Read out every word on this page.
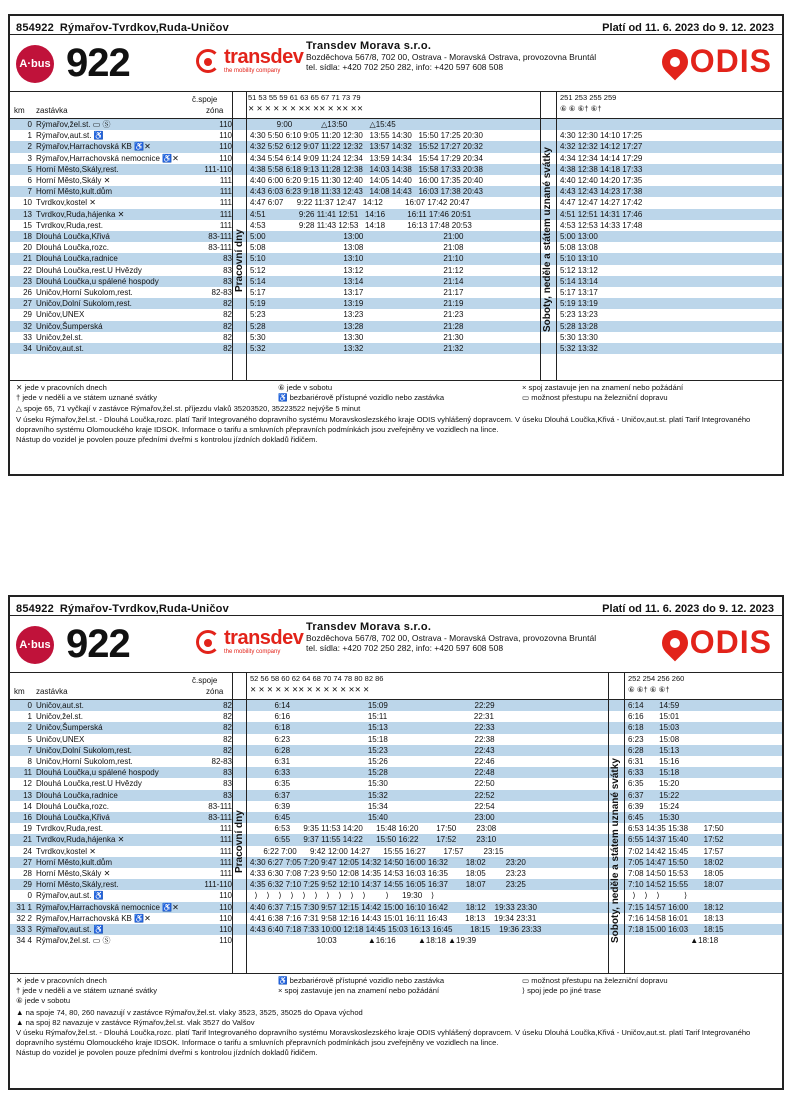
854922 Rýmařov-Tvrdkov,Ruda-Uničov	Platí od 11. 6. 2023 do 9. 12. 2023
A·bus 922	transdev
the mobility company
Transdev Morava s.r.o.
Bozděchova 567/8, 702 00, Ostrava - Moravská Ostrava, provozovna Bruntál
tel. sídla: +420 702 250 282, info: +420 597 608 508	ODIS
km zastávka
č.spoje
zóna
51 53 55 59 61 63 65 67 71 73 79
✕ ✕ ✕ ✕ ✕ ✕ ✕✕ ✕✕ ✕ ✕✕ ✕✕
251 253 255 259
⑥ ⑥ ⑥† ⑥†
0 Rýmařov,žel.st. ▭ Ⓢ	110 9:00             △13:50          △15:45
1 Rýmařov,aut.st. ♿	110 4:30 5:50 6:10 9:05 11:20 12:30   13:55 14:30   15:50 17:25 20:30	4:30 12:30 14:10 17:25
2 Rýmařov,Harrachovská KB ♿✕	110 4:32 5:52 6:12 9:07 11:22 12:32   13:57 14:32   15:52 17:27 20:32	4:32 12:32 14:12 17:27
3 Rýmařov,Harrachovská nemocnice ♿✕	110 4:34 5:54 6:14 9:09 11:24 12:34   13:59 14:34   15:54 17:29 20:34	4:34 12:34 14:14 17:29
5 Horní Město,Skály,rest.	111-110 4:38 5:58 6:18 9:13 11:28 12:38   14:03 14:38   15:58 17:33 20:38	4:38 12:38 14:18 17:33
6 Horní Město,Skály ✕	111 4:40 6:00 6:20 9:15 11:30 12:40   14:05 14:40   16:00 17:35 20:40	4:40 12:40 14:20 17:35
7 Horní Město,kult.dům	111 4:43 6:03 6:23 9:18 11:33 12:43   14:08 14:43   16:03 17:38 20:43	4:43 12:43 14:23 17:38
10 Tvrdkov,kostel ✕	111 4:47 6:07      9:22 11:37 12:47   14:12          16:07 17:42 20:47	4:47 12:47 14:27 17:42
13 Tvrdkov,Ruda,hájenka ✕	111 4:51               9:26 11:41 12:51   14:16          16:11 17:46 20:51	4:51 12:51 14:31 17:46
15 Tvrdkov,Ruda,rest.	111 4:53               9:28 11:43 12:53   14:18          16:13 17:48 20:53	4:53 12:53 14:33 17:48
18 Dlouhá Loučka,Křivá	83-111 5:00                                   13:00                                    21:00	5:00 13:00
20 Dlouhá Loučka,rozc.	83-111 5:08                                   13:08                                    21:08	5:08 13:08
21 Dlouhá Loučka,radnice	83 5:10                                   13:10                                    21:10	5:10 13:10
22 Dlouhá Loučka,rest.U Hvězdy	83 5:12                                   13:12                                    21:12	5:12 13:12
23 Dlouhá Loučka,u spálené hospody	83 5:14                                   13:14                                    21:14	5:14 13:14
26 Uničov,Horní Sukolom,rest.	82-83 5:17                                   13:17                                    21:17	5:17 13:17
27 Uničov,Dolní Sukolom,rest.	82 5:19                                   13:19                                    21:19	5:19 13:19
29 Uničov,UNEX	82 5:23                                   13:23                                    21:23	5:23 13:23
32 Uničov,Šumperská	82 5:28                                   13:28                                    21:28	5:28 13:28
33 Uničov,žel.st.	82 5:30                                   13:30                                    21:30	5:30 13:30
34 Uničov,aut.st.	82 5:32                                   13:32                                    21:32	5:32 13:32
Pracovní dny	Soboty, neděle a státem uznané svátky

✕ jede v pracovních dnech

† jede v neděli a ve státem uznané svátky

⑥ jede v sobotu

♿ bezbariérově přístupné vozidlo nebo zastávka

× spoj zastavuje jen na znamení nebo požádání

▭ možnost přestupu na železniční dopravu

△ spoje 65, 71 vyčkají v zastávce Rýmařov,žel.st. příjezdu vlaků 35203520, 35223522 nejvýše 5 minut

V úseku Rýmařov,žel.st. - Dlouhá Loučka,rozc. platí Tarif Integrovaného dopravního systému Moravskoslezského kraje ODIS vyhlášený dopravcem. V úseku Dlouhá Loučka,Křivá - Uničov,aut.st. platí Tarif Integrovaného dopravního systému Olomouckého kraje IDSOK. Informace o tarifu a smluvních přepravních podmínkách jsou zveřejněny ve vozidlech na lince.

Nástup do vozidel je povolen pouze předními dveřmi s kontrolou jízdních dokladů řidičem.

854922 Rýmařov-Tvrdkov,Ruda-Uničov	Platí od 11. 6. 2023 do 9. 12. 2023
A·bus 922	transdev
the mobility company
Transdev Morava s.r.o.
Bozděchova 567/8, 702 00, Ostrava - Moravská Ostrava, provozovna Bruntál
tel. sídla: +420 702 250 282, info: +420 597 608 508	ODIS
km zastávka
č.spoje
zóna
52 56 58 60 62 64 68 70 74 78 80 82 86
✕ ✕ ✕ ✕ ✕ ✕✕ ✕ ✕ ✕ ✕ ✕ ✕✕ ✕
252 254 256 260
⑥ ⑥† ⑥ ⑥†
0 Uničov,aut.st.	82 6:14                                   15:09                                       22:29	6:14       14:59
1 Uničov,žel.st.	82 6:16                                   15:11                                       22:31	6:16       15:01
2 Uničov,Šumperská	82 6:18                                   15:13                                       22:33	6:18       15:03
5 Uničov,UNEX	82 6:23                                   15:18                                       22:38	6:23       15:08
7 Uničov,Dolní Sukolom,rest.	82 6:28                                   15:23                                       22:43	6:28       15:13
8 Uničov,Horní Sukolom,rest.	82-83 6:31                                   15:26                                       22:46	6:31       15:16
11 Dlouhá Loučka,u spálené hospody	83 6:33                                   15:28                                       22:48	6:33       15:18
12 Dlouhá Loučka,rest.U Hvězdy	83 6:35                                   15:30                                       22:50	6:35       15:20
13 Dlouhá Loučka,radnice	83 6:37                                   15:32                                       22:52	6:37       15:22
14 Dlouhá Loučka,rozc.	83-111 6:39                                   15:34                                       22:54	6:39       15:24
16 Dlouhá Loučka,Křivá	83-111 6:45                                   15:40                                       23:00	6:45       15:30
19 Tvrdkov,Ruda,rest.	111 6:53      9:35 11:53 14:20      15:48 16:20        17:50         23:08	6:53 14:35 15:38       17:50
21 Tvrdkov,Ruda,hájenka ✕	111 6:55      9:37 11:55 14:22      15:50 16:22        17:52         23:10	6:55 14:37 15:40       17:52
24 Tvrdkov,kostel ✕	111 6:22 7:00      9:42 12:00 14:27      15:55 16:27        17:57         23:15	7:02 14:42 15:45       17:57
27 Horní Město,kult.dům	111 4:30 6:27 7:05 7:20 9:47 12:05 14:32 14:50 16:00 16:32        18:02         23:20	7:05 14:47 15:50       18:02
28 Horní Město,Skály ✕	111 4:33 6:30 7:08 7:23 9:50 12:08 14:35 14:53 16:03 16:35        18:05         23:23	7:08 14:50 15:53       18:05
29 Horní Město,Skály,rest.	111-110 4:35 6:32 7:10 7:25 9:52 12:10 14:37 14:55 16:05 16:37        18:07         23:25	7:10 14:52 15:55       18:07
0 Rýmařov,aut.st. ♿	110 ⟩    ⟩    ⟩    ⟩    ⟩    ⟩    ⟩    ⟩    ⟩    ⟩         ⟩      19:30    ⟩	⟩    ⟩    ⟩           ⟩
31 1 Rýmařov,Harrachovská nemocnice ♿✕	110 4:40 6:37 7:15 7:30 9:57 12:15 14:42 15:00 16:10 16:42        18:12    19:33 23:30	7:15 14:57 16:00       18:12
32 2 Rýmařov,Harrachovská KB ♿✕	110 4:41 6:38 7:16 7:31 9:58 12:16 14:43 15:01 16:11 16:43        18:13    19:34 23:31	7:16 14:58 16:01       18:13
33 3 Rýmařov,aut.st. ♿	110 4:43 6:40 7:18 7:33 10:00 12:18 14:45 15:03 16:13 16:45        18:15    19:36 23:33	7:18 15:00 16:03       18:15
34 4 Rýmařov,žel.st. ▭ Ⓢ	110 10:03              ▲16:16          ▲18:18 ▲19:39	▲18:18
Pracovní dny	Soboty, neděle a státem uznané svátky

✕ jede v pracovních dnech

† jede v neděli a ve státem uznané svátky

⑥ jede v sobotu

♿ bezbariérově přístupné vozidlo nebo zastávka

× spoj zastavuje jen na znamení nebo požádání

▭ možnost přestupu na železniční dopravu

⟩ spoj jede po jiné trase

▲ na spoje 74, 80, 260 navazují v zastávce Rýmařov,žel.st. vlaky 3523, 3525, 35025 do Opava východ

▲ na spoj 82 navazuje v zastávce Rýmařov,žel.st. vlak 3527 do Valšov

V úseku Rýmařov,žel.st. - Dlouhá Loučka,rozc. platí Tarif Integrovaného dopravního systému Moravskoslezského kraje ODIS vyhlášený dopravcem. V úseku Dlouhá Loučka,Křivá - Uničov,aut.st. platí Tarif Integrovaného dopravního systému Olomouckého kraje IDSOK. Informace o tarifu a smluvních přepravních podmínkách jsou zveřejněny ve vozidlech na lince.

Nástup do vozidel je povolen pouze předními dveřmi s kontrolou jízdních dokladů řidičem.
